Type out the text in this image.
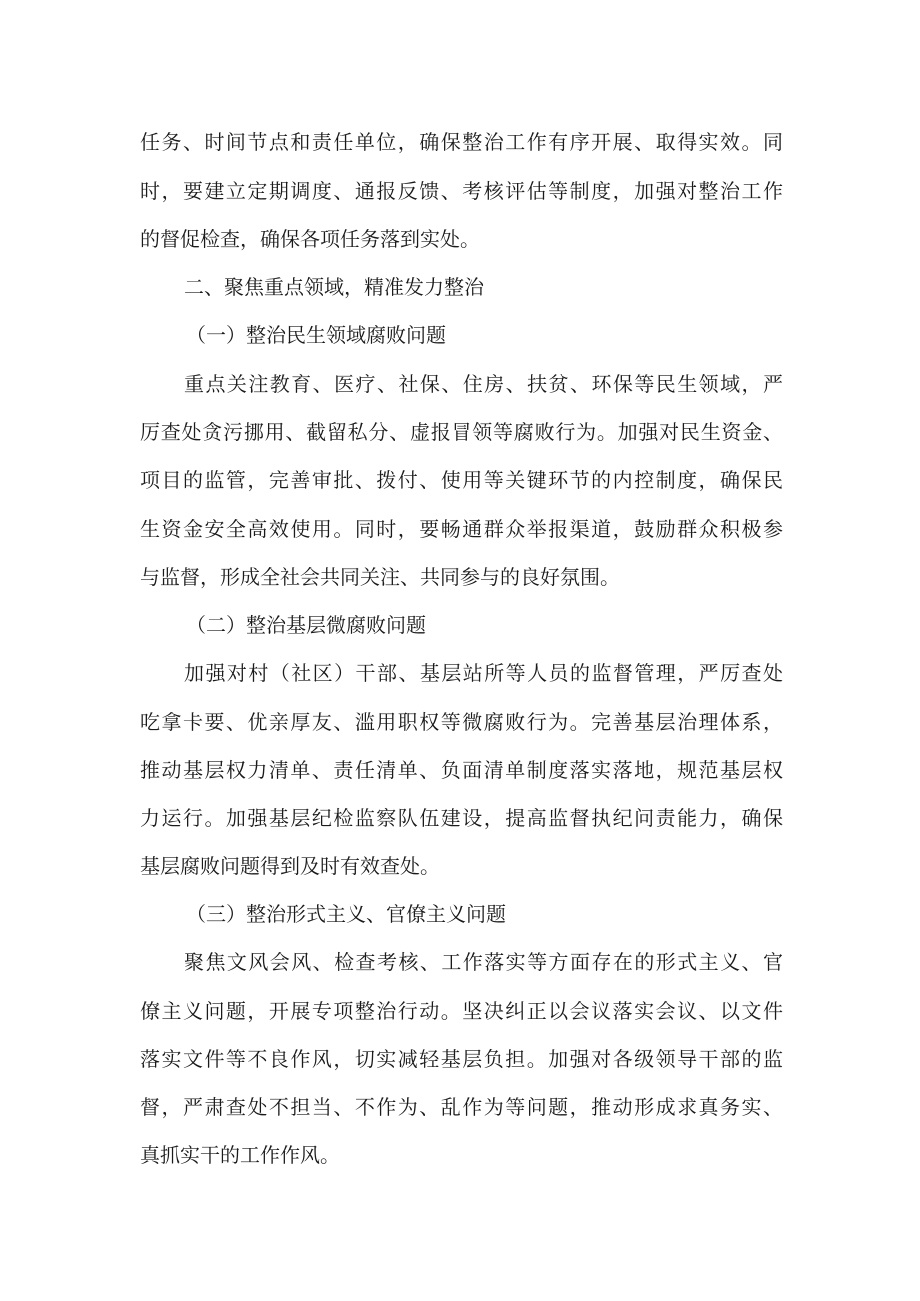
任务、时间节点和责任单位，确保整治工作有序开展、取得实效。同
时，要建立定期调度、通报反馈、考核评估等制度，加强对整治工作
的督促检查，确保各项任务落到实处。
二、聚焦重点领域，精准发力整治
（一）整治民生领域腐败问题
重点关注教育、医疗、社保、住房、扶贫、环保等民生领域，严
厉查处贪污挪用、截留私分、虚报冒领等腐败行为。加强对民生资金、
项目的监管，完善审批、拨付、使用等关键环节的内控制度，确保民
生资金安全高效使用。同时，要畅通群众举报渠道，鼓励群众积极参
与监督，形成全社会共同关注、共同参与的良好氛围。
（二）整治基层微腐败问题
加强对村（社区）干部、基层站所等人员的监督管理，严厉查处
吃拿卡要、优亲厚友、滥用职权等微腐败行为。完善基层治理体系，
推动基层权力清单、责任清单、负面清单制度落实落地，规范基层权
力运行。加强基层纪检监察队伍建设，提高监督执纪问责能力，确保
基层腐败问题得到及时有效查处。
（三）整治形式主义、官僚主义问题
聚焦文风会风、检查考核、工作落实等方面存在的形式主义、官
僚主义问题，开展专项整治行动。坚决纠正以会议落实会议、以文件
落实文件等不良作风，切实减轻基层负担。加强对各级领导干部的监
督，严肃查处不担当、不作为、乱作为等问题，推动形成求真务实、
真抓实干的工作作风。
